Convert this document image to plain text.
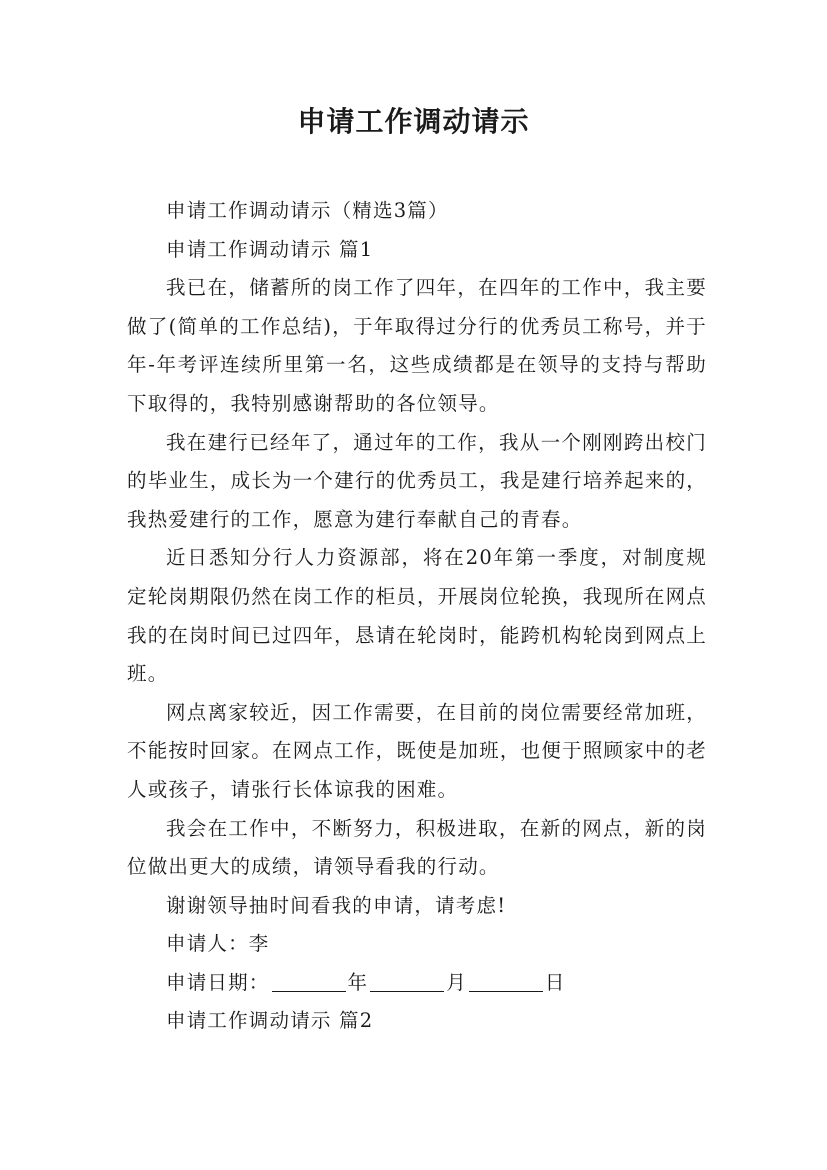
申请工作调动请示

申请工作调动请示（精选3篇）

申请工作调动请示 篇1

我已在，储蓄所的岗工作了四年，在四年的工作中，我主要做了(简单的工作总结)，于年取得过分行的优秀员工称号，并于年-年考评连续所里第一名，这些成绩都是在领导的支持与帮助下取得的，我特别感谢帮助的各位领导。

我在建行已经年了，通过年的工作，我从一个刚刚跨出校门的毕业生，成长为一个建行的优秀员工，我是建行培养起来的，我热爱建行的工作，愿意为建行奉献自己的青春。

近日悉知分行人力资源部，将在20年第一季度，对制度规定轮岗期限仍然在岗工作的柜员，开展岗位轮换，我现所在网点我的在岗时间已过四年，恳请在轮岗时，能跨机构轮岗到网点上班。

网点离家较近，因工作需要，在目前的岗位需要经常加班，不能按时回家。在网点工作，既使是加班，也便于照顾家中的老人或孩子，请张行长体谅我的困难。

我会在工作中，不断努力，积极进取，在新的网点，新的岗位做出更大的成绩，请领导看我的行动。

谢谢领导抽时间看我的申请，请考虑!

申请人：李

申请日期：	年	月	日

申请工作调动请示 篇2
